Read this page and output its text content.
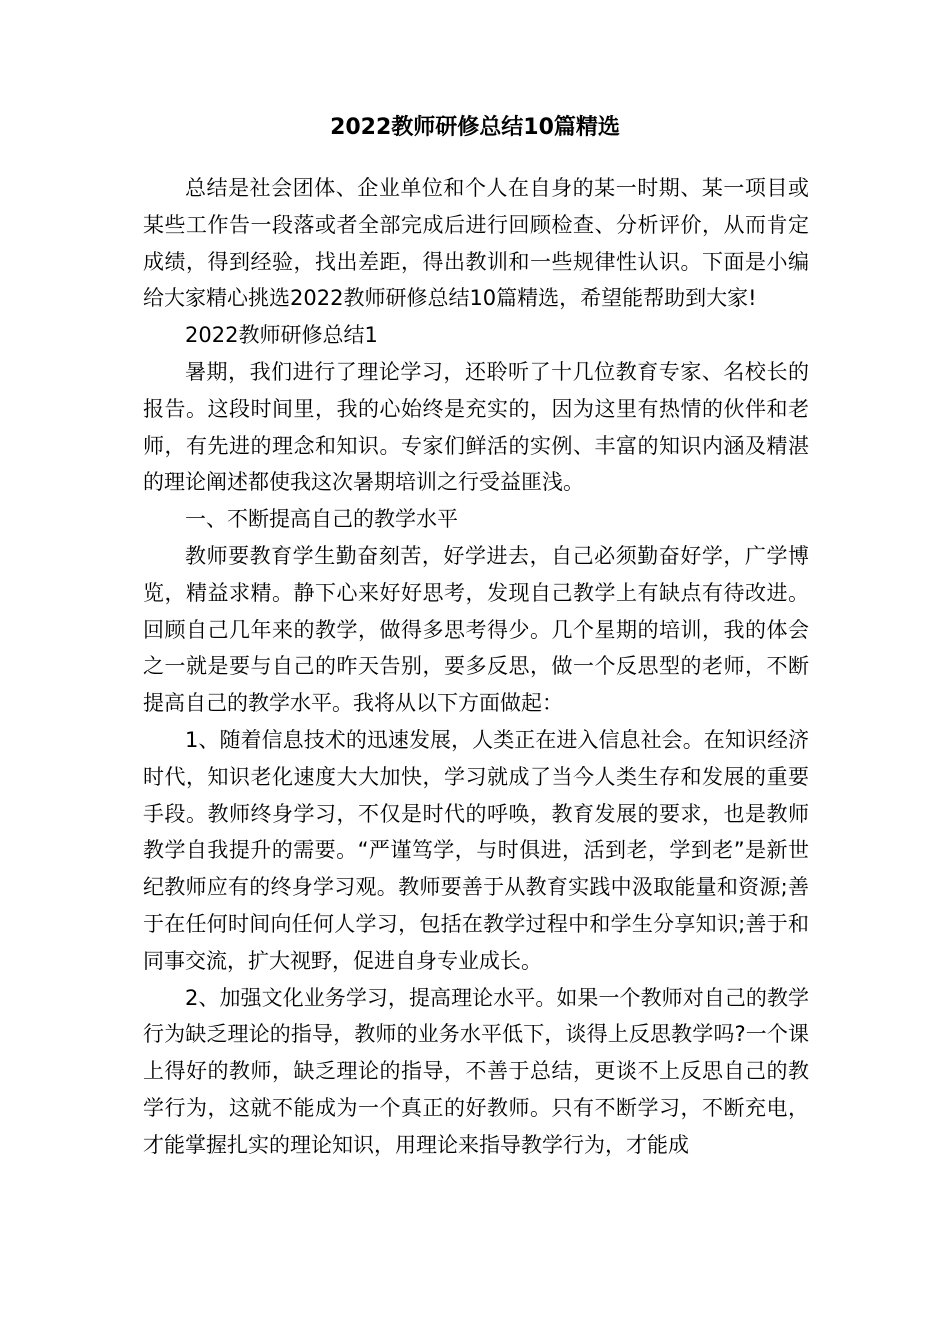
2022教师研修总结10篇精选

总结是社会团体、企业单位和个人在自身的某一时期、某一项目或某些工作告一段落或者全部完成后进行回顾检查、分析评价，从而肯定成绩，得到经验，找出差距，得出教训和一些规律性认识。下面是小编给大家精心挑选2022教师研修总结10篇精选，希望能帮助到大家!

2022教师研修总结1

暑期，我们进行了理论学习，还聆听了十几位教育专家、名校长的报告。这段时间里，我的心始终是充实的，因为这里有热情的伙伴和老师，有先进的理念和知识。专家们鲜活的实例、丰富的知识内涵及精湛的理论阐述都使我这次暑期培训之行受益匪浅。

一、不断提高自己的教学水平

教师要教育学生勤奋刻苦，好学进去，自己必须勤奋好学，广学博览，精益求精。静下心来好好思考，发现自己教学上有缺点有待改进。回顾自己几年来的教学，做得多思考得少。几个星期的培训，我的体会之一就是要与自己的昨天告别，要多反思，做一个反思型的老师，不断提高自己的教学水平。我将从以下方面做起：

1、随着信息技术的迅速发展，人类正在进入信息社会。在知识经济时代，知识老化速度大大加快，学习就成了当今人类生存和发展的重要手段。教师终身学习，不仅是时代的呼唤，教育发展的要求，也是教师教学自我提升的需要。“严谨笃学，与时俱进，活到老，学到老”是新世纪教师应有的终身学习观。教师要善于从教育实践中汲取能量和资源;善于在任何时间向任何人学习，包括在教学过程中和学生分享知识;善于和同事交流，扩大视野，促进自身专业成长。

2、加强文化业务学习，提高理论水平。如果一个教师对自己的教学行为缺乏理论的指导，教师的业务水平低下，谈得上反思教学吗?一个课上得好的教师，缺乏理论的指导，不善于总结，更谈不上反思自己的教学行为，这就不能成为一个真正的好教师。只有不断学习，不断充电，才能掌握扎实的理论知识，用理论来指导教学行为，才能成
